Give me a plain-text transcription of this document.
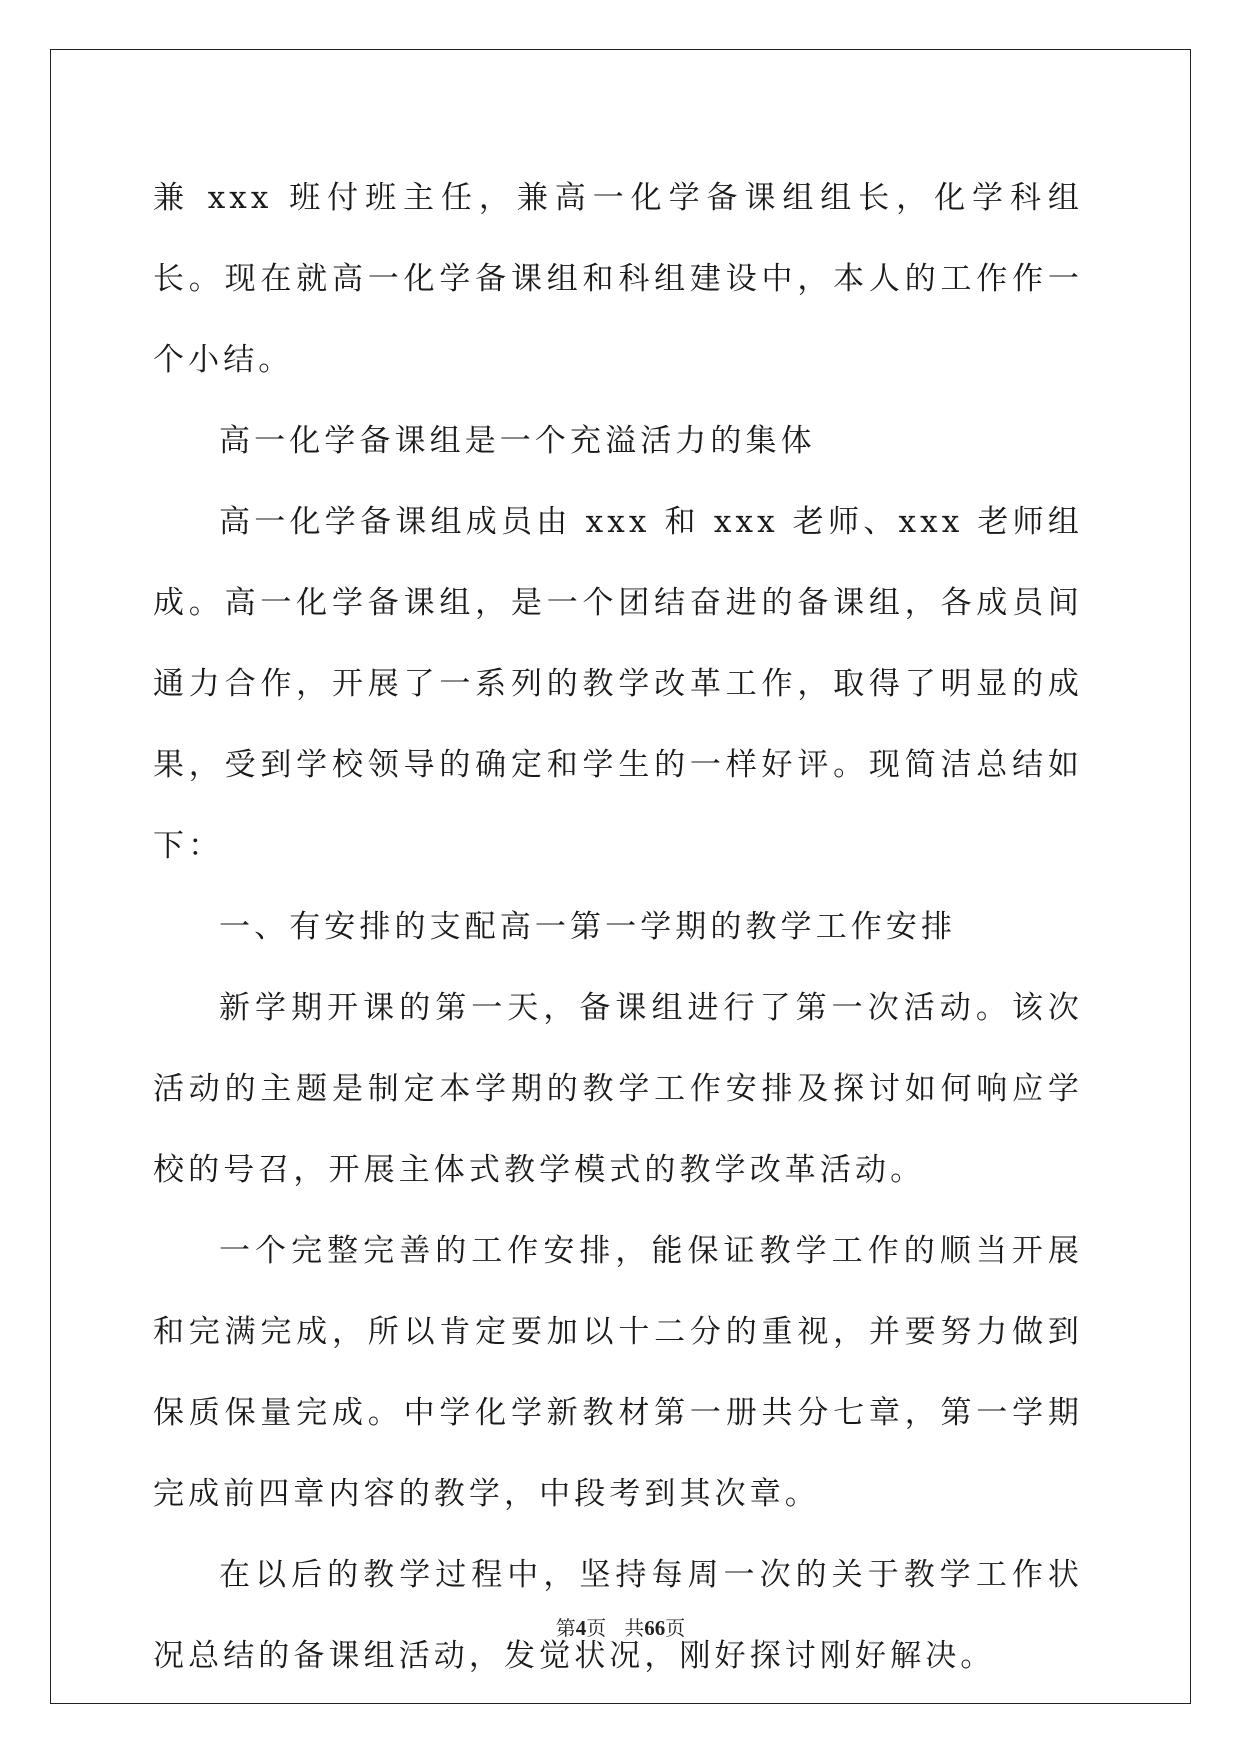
兼 xxx 班付班主任，兼高一化学备课组组长，化学科组长。现在就高一化学备课组和科组建设中，本人的工作作一个小结。

高一化学备课组是一个充溢活力的集体

高一化学备课组成员由 xxx 和 xxx 老师、xxx 老师组成。高一化学备课组，是一个团结奋进的备课组，各成员间通力合作，开展了一系列的教学改革工作，取得了明显的成果，受到学校领导的确定和学生的一样好评。现简洁总结如下：

一、有安排的支配高一第一学期的教学工作安排

新学期开课的第一天，备课组进行了第一次活动。该次活动的主题是制定本学期的教学工作安排及探讨如何响应学校的号召，开展主体式教学模式的教学改革活动。

一个完整完善的工作安排，能保证教学工作的顺当开展和完满完成，所以肯定要加以十二分的重视，并要努力做到保质保量完成。中学化学新教材第一册共分七章，第一学期完成前四章内容的教学，中段考到其次章。

在以后的教学过程中，坚持每周一次的关于教学工作状况总结的备课组活动，发觉状况，刚好探讨刚好解决。

第4页 共66页
